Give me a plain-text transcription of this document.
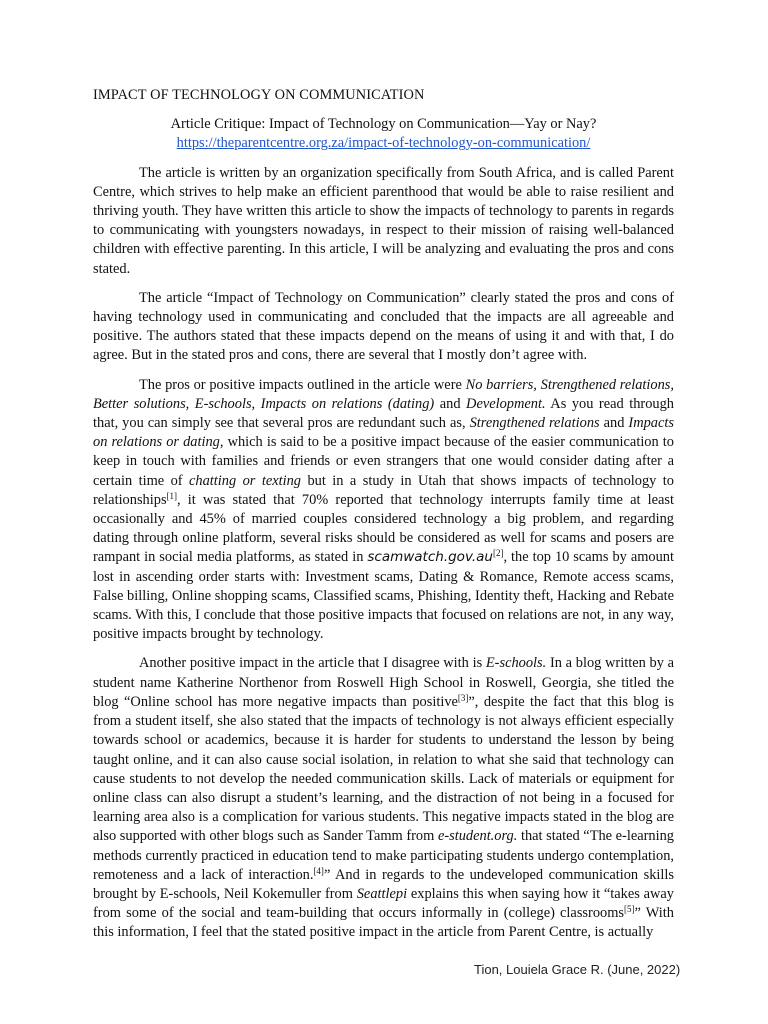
IMPACT OF TECHNOLOGY ON COMMUNICATION
Article Critique: Impact of Technology on Communication—Yay or Nay?
https://theparentcentre.org.za/impact-of-technology-on-communication/

The article is written by an organization specifically from South Africa, and is called Parent Centre, which strives to help make an efficient parenthood that would be able to raise resilient and thriving youth. They have written this article to show the impacts of technology to parents in regards to communicating with youngsters nowadays, in respect to their mission of raising well-balanced children with effective parenting. In this article, I will be analyzing and evaluating the pros and cons stated.

The article “Impact of Technology on Communication” clearly stated the pros and cons of having technology used in communicating and concluded that the impacts are all agreeable and positive. The authors stated that these impacts depend on the means of using it and with that, I do agree. But in the stated pros and cons, there are several that I mostly don’t agree with.

The pros or positive impacts outlined in the article were No barriers, Strengthened relations, Better solutions, E-schools, Impacts on relations (dating) and Development. As you read through that, you can simply see that several pros are redundant such as, Strengthened relations and Impacts on relations or dating, which is said to be a positive impact because of the easier communication to keep in touch with families and friends or even strangers that one would consider dating after a certain time of chatting or texting but in a study in Utah that shows impacts of technology to relationships[1], it was stated that 70% reported that technology interrupts family time at least occasionally and 45% of married couples considered technology a big problem, and regarding dating through online platform, several risks should be considered as well for scams and posers are rampant in social media platforms, as stated in scamwatch.gov.au[2], the top 10 scams by amount lost in ascending order starts with: Investment scams, Dating & Romance, Remote access scams, False billing, Online shopping scams, Classified scams, Phishing, Identity theft, Hacking and Rebate scams. With this, I conclude that those positive impacts that focused on relations are not, in any way, positive impacts brought by technology.

Another positive impact in the article that I disagree with is E-schools. In a blog written by a student name Katherine Northenor from Roswell High School in Roswell, Georgia, she titled the blog “Online school has more negative impacts than positive[3]”, despite the fact that this blog is from a student itself, she also stated that the impacts of technology is not always efficient especially towards school or academics, because it is harder for students to understand the lesson by being taught online, and it can also cause social isolation, in relation to what she said that technology can cause students to not develop the needed communication skills. Lack of materials or equipment for online class can also disrupt a student’s learning, and the distraction of not being in a focused for learning area also is a complication for various students. This negative impacts stated in the blog are also supported with other blogs such as Sander Tamm from e-student.org. that stated “The e-learning methods currently practiced in education tend to make participating students undergo contemplation, remoteness and a lack of interaction.[4]” And in regards to the undeveloped communication skills brought by E-schools, Neil Kokemuller from Seattlepi explains this when saying how it “takes away from some of the social and team-building that occurs informally in (college) classrooms[5]” With this information, I feel that the stated positive impact in the article from Parent Centre, is actually

Tion, Louiela Grace R. (June, 2022)
